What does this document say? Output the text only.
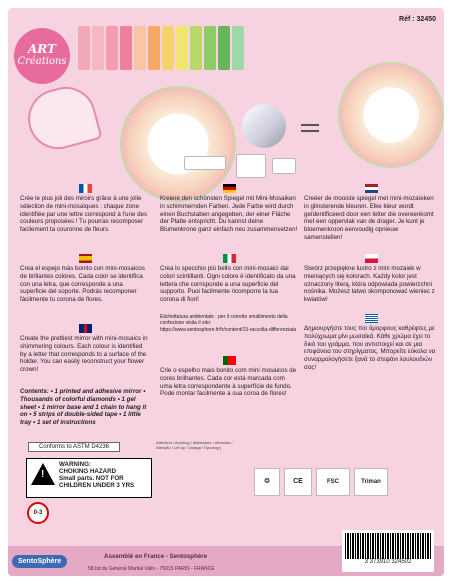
ART
Créations
Réf : 32450
Crée le plus joli des miroirs grâce à une jolie sélection de mini-mosaïques : chaque zone identifiée par une lettre correspond à l'une des couleurs proposées ! Tu pourras recomposer facilement ta couronne de fleurs.
Crea el espejo más bonito con mini-mosaicos de brillantes colores. Cada color se identifica con una letra, que corresponde a una superficie del soporte. Podrás recomponer fácilmente tu corona de flores.
Create the prettiest mirror with mini-mosaics in shimmering colours. Each colour is identified by a letter that corresponds to a surface of the holder. You can easily reconstruct your flower crown!
Contents: • 1 printed and adhesive mirror • Thousands of colorful diamonds • 1 gel sheet • 1 mirror base and 1 chain to hang it on • 5 strips of double-sided tape • 1 little tray • 1 set of instructions
Kreiere den schönsten Spiegel mit Mini-Mosaiken in schimmernden Farben. Jede Farbe wird durch einen Buchstaben angegeben, der einer Fläche der Platte entspricht. Du kannst deine Blumenkrone ganz einfach neu zusammensetzen!
Crea lo specchio più bello con mini-mosaici dai colori scintillanti. Ogni colore è identificato da una lettera che corrisponde a una superficie del supporto. Puoi facilmente ricomporre la tua corona di fiori!
Etichettatura ambientale : per il corretto smaltimento della confezione visita il sito: https://www.sentosphere.fr/fr/content/15-raccolta-differenziata
Crie o espelho mais bonito com mini mosaicos de cores brilhantes. Cada cor está marcada com uma letra correspondente à superfície de fundo. Pode montar facilmente a sua coroa de flores!
Creëer de mooiste spiegel met mini-mozaïeken in glinsterende kleuren. Elke kleur wordt geïdentificeerd door een letter die overeenkomt met een oppervlak van de drager. Je kunt je bloemenkroon eenvoudig opnieuw samenstellen!
Stwórz przepiękne lustro z mini mozaiek w mieniących się kolorach. Każdy kolor jest oznaczony literą, która odpowiada powierzchni nośnika. Możesz łatwo skomponować wieniec z kwiatów!
Δημιουργήστε τους πιο όμορφους καθρέφτες με πολύχρωμα μίνι μωσαϊκά. Κάθε χρώμα έχει το δικό του γράμμα, που αντιστοιχεί και σε μια επιφάνεια του στηρίγματος. Μπορείτε εύκολα να συναρμολογήσετε ξανά το στεφάνι λουλουδιών σας!
Conforms to ASTM D4236
!
WARNING:
CHOKING HAZARD
Small parts. NOT FOR
CHILDREN UNDER 3 YRS
0-3
Attention / Achtung / Attenzione / Atención / Atenção / Let op / Uwaga / Προσοχή
♲	CE	FSC	Triman
SentoSphère
Assemblé en France - Sentosphère
58 bd du Général Martial Valin - 75015 PARIS - FRANCE
3 373910 324502
